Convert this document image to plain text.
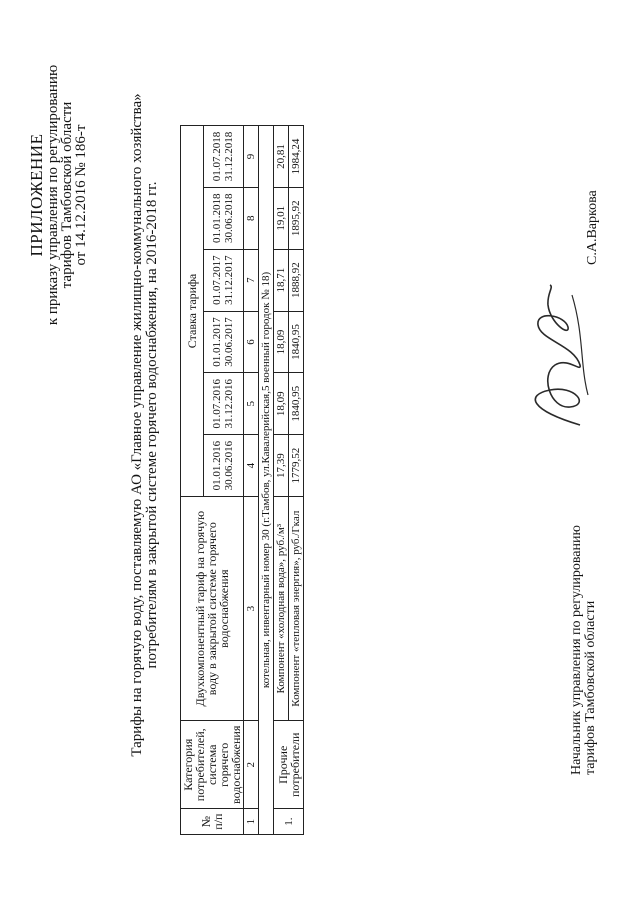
ПРИЛОЖЕНИЕ к приказу управления по регулированию
тарифов Тамбовской области
от 14.12.2016 № 186-т	Тарифы на горячую воду, поставляемую АО «Главное управление жилищно-коммунального хозяйства» потребителям в закрытой системе горячего водоснабжения, на 2016-2018 гг.
№ п/п	Категория потребителей, система горячего водоснабжения	Двухкомпонентный тариф на горячую воду в закрытой системе горячего водоснабжения	Ставка тарифа					
			01.01.2016 30.06.2016	01.07.2016 31.12.2016	01.01.2017 30.06.2017	01.07.2017 31.12.2017	01.01.2018 30.06.2018	01.07.2018 31.12.2018
1	2	3	4	5	6	7	8	9
котельная, инвентарный номер 30 (г.Тамбов, ул.Кавалерийская,5 военный городок № 18)								
1.	Прочие потребители	Компонент «холодная вода», руб./м³	17,39	18,09	18,09	18,71	19,01	20,81
		Компонент «тепловая энергия», руб./Гкал	1779,52	1840,95	1840,95	1888,92	1895,92	1984,24
Начальник управления по регулированию тарифов Тамбовской области
С.А.Варкова
